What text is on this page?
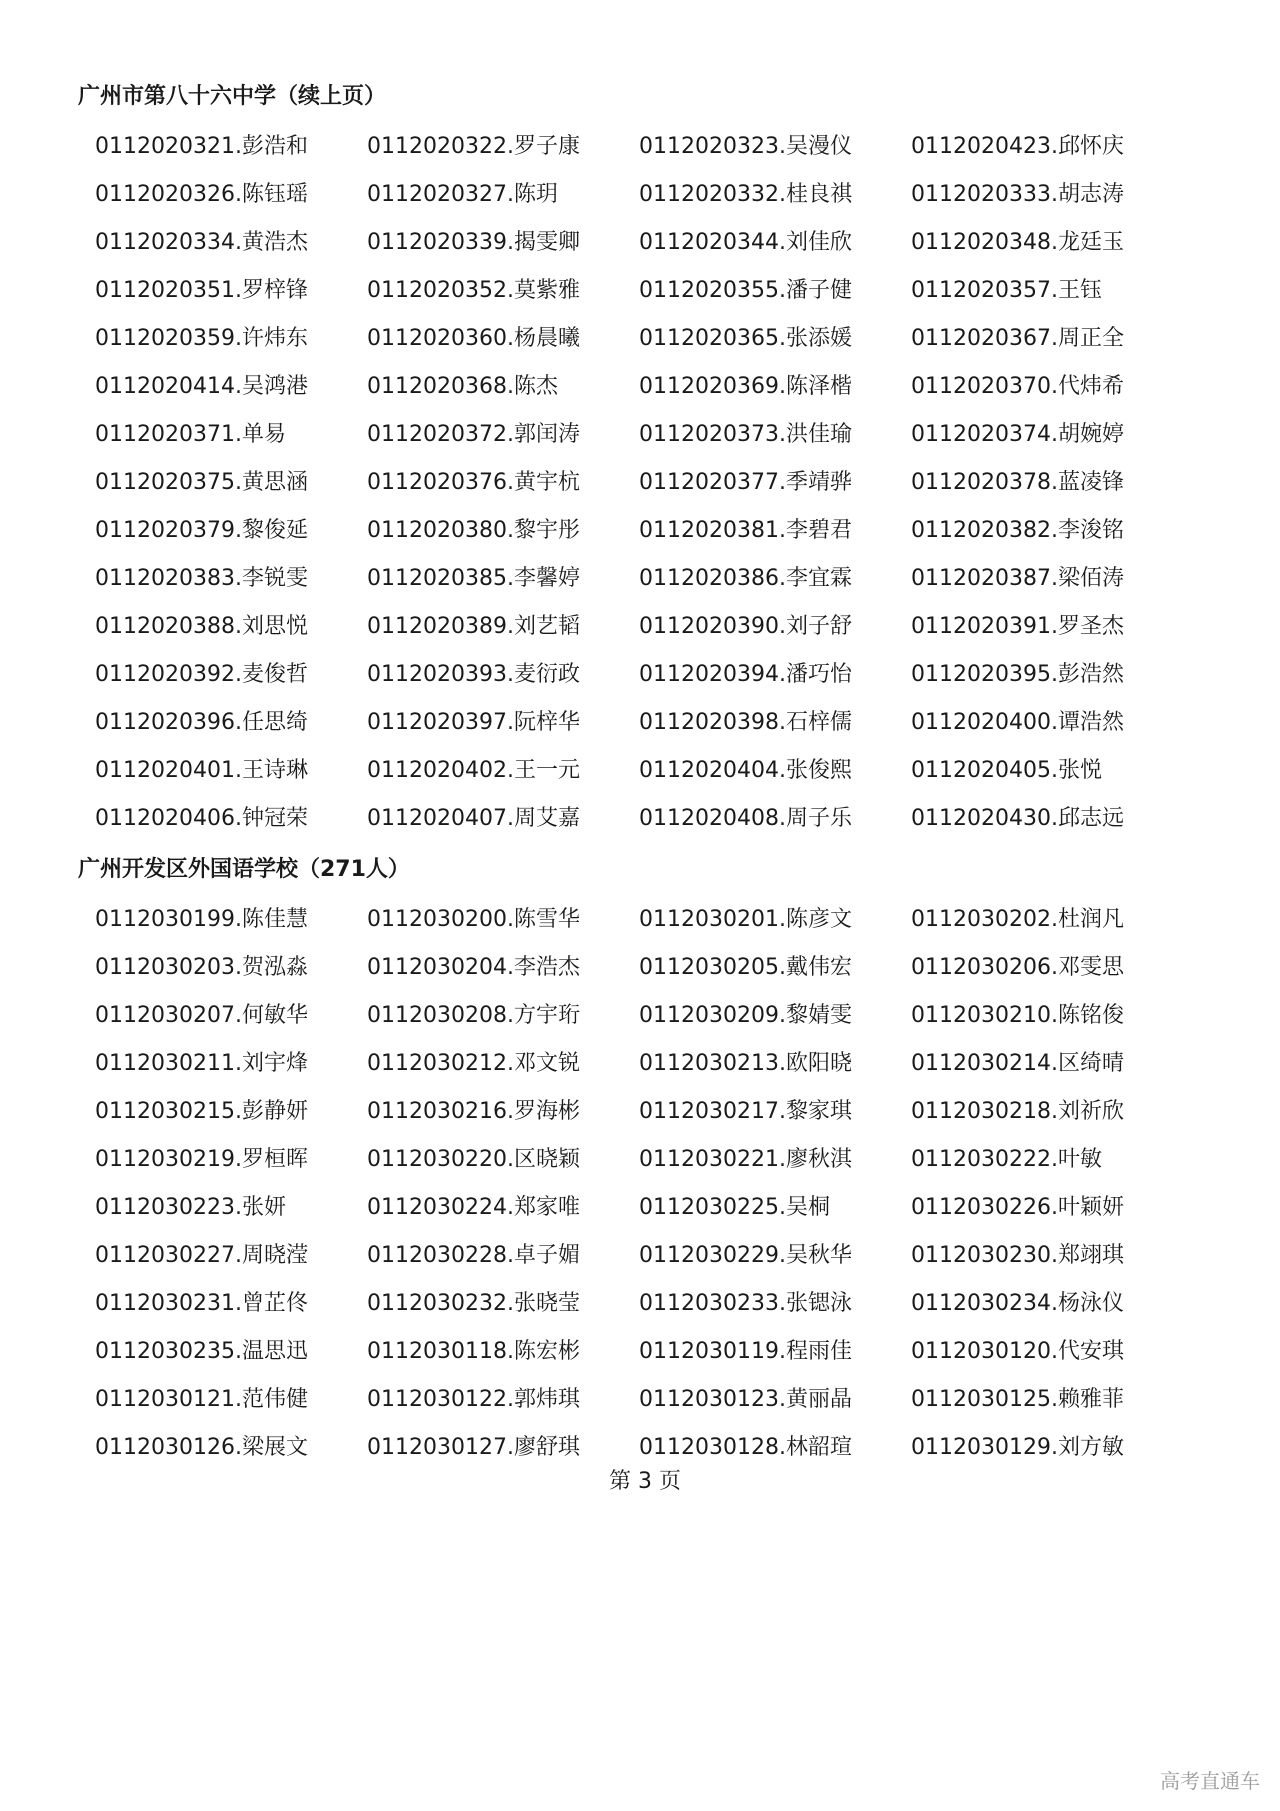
广州市第八十六中学（续上页）
0112020321.彭浩和	0112020322.罗子康	0112020323.吴漫仪	0112020423.邱怀庆
0112020326.陈钰瑶	0112020327.陈玥	0112020332.桂良祺	0112020333.胡志涛
0112020334.黄浩杰	0112020339.揭雯卿	0112020344.刘佳欣	0112020348.龙廷玉
0112020351.罗梓锋	0112020352.莫紫雅	0112020355.潘子健	0112020357.王钰
0112020359.许炜东	0112020360.杨晨曦	0112020365.张添媛	0112020367.周正全
0112020414.吴鸿港	0112020368.陈杰	0112020369.陈泽楷	0112020370.代炜希
0112020371.单易	0112020372.郭闰涛	0112020373.洪佳瑜	0112020374.胡婉婷
0112020375.黄思涵	0112020376.黄宇杭	0112020377.季靖骅	0112020378.蓝凌锋
0112020379.黎俊延	0112020380.黎宇彤	0112020381.李碧君	0112020382.李浚铭
0112020383.李锐雯	0112020385.李馨婷	0112020386.李宜霖	0112020387.梁佰涛
0112020388.刘思悦	0112020389.刘艺韬	0112020390.刘子舒	0112020391.罗圣杰
0112020392.麦俊哲	0112020393.麦衍政	0112020394.潘巧怡	0112020395.彭浩然
0112020396.任思绮	0112020397.阮梓华	0112020398.石梓儒	0112020400.谭浩然
0112020401.王诗琳	0112020402.王一元	0112020404.张俊熙	0112020405.张悦
0112020406.钟冠荣	0112020407.周艾嘉	0112020408.周子乐	0112020430.邱志远
广州开发区外国语学校（271人）
0112030199.陈佳慧	0112030200.陈雪华	0112030201.陈彦文	0112030202.杜润凡
0112030203.贺泓淼	0112030204.李浩杰	0112030205.戴伟宏	0112030206.邓雯思
0112030207.何敏华	0112030208.方宇珩	0112030209.黎婧雯	0112030210.陈铭俊
0112030211.刘宇烽	0112030212.邓文锐	0112030213.欧阳晓	0112030214.区绮晴
0112030215.彭静妍	0112030216.罗海彬	0112030217.黎家琪	0112030218.刘祈欣
0112030219.罗桓晖	0112030220.区晓颖	0112030221.廖秋淇	0112030222.叶敏
0112030223.张妍	0112030224.郑家唯	0112030225.吴桐	0112030226.叶颖妍
0112030227.周晓滢	0112030228.卓子媚	0112030229.吴秋华	0112030230.郑翊琪
0112030231.曾芷佟	0112030232.张晓莹	0112030233.张锶泳	0112030234.杨泳仪
0112030235.温思迅	0112030118.陈宏彬	0112030119.程雨佳	0112030120.代安琪
0112030121.范伟健	0112030122.郭炜琪	0112030123.黄丽晶	0112030125.赖雅菲
0112030126.梁展文	0112030127.廖舒琪	0112030128.林韶瑄	0112030129.刘方敏
第 3 页
高考直通车
